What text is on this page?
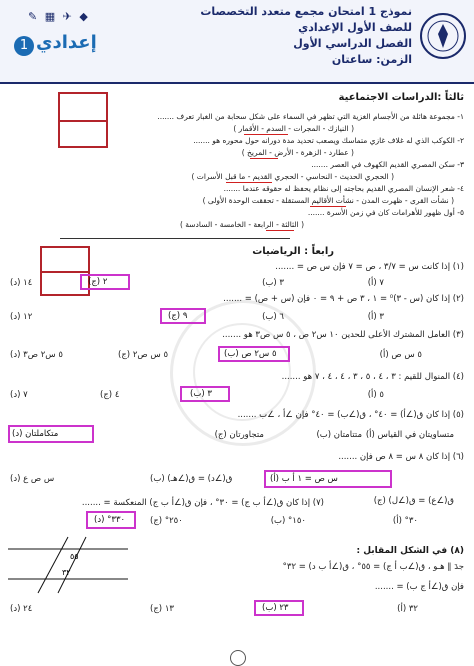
نموذج 1 امتحان مجمع متعدد التخصصات
للصف الأول الإعدادي
الفصل الدراسي الأول
الزمن: ساعتان
✎ ▦ ✈ ◆
1 إعدادي
ثالثاً :الدراسات الاجتماعية
١- مجموعة هائلة من الأجسام الغزية التي تظهر في السماء على شكل سحابة من الغبار تعرف .......
( النيازك - المجرات - السدم - الأقمار )
٢- الكوكب الذي له غلاف غازي متماسك ويصعب تحديد مدة دورانه حول محوره هو .......
( عطارد - الزهرة - الأرض - المريخ )
٣- سكن المصري القديم الكهوف في العصر .......
( الحجري الحديث - النحاسي - الحجري القديم - ما قبل الأسرات )
٤- شعر الإنسان المصري القديم بحاجته إلى نظام يحفظ له حقوقه عندما .......
( نشأت القرى - ظهرت المدن - نشأت الأقاليم المستقلة - تحققت الوحدة الأولى )
٥- أول ظهور للأهرامات كان في زمن الأسرة .......
( الثالثة - الرابعة - الخامسة - السادسة )
رابعاً : الرياضيات
(١) إذا كانت س = ٣/٧ ، ص = ٧ فإن س ص = .......
٧ (أ)
٣ (ب)
٢ (ج)
١٤ (د)
(٢) إذا كان (س - ٣)⁰ = ١ ، ٣ ص + ٩ = ٠ فإن (س + ص) = .......
٣ (أ)
٦ (ب)
٩ (ج)
١٢ (د)
(٣) العامل المشترك الأعلى للحدين ١٠ س٢ ص ، ٥ س ص٣ هو .......
٥ س ص (أ)
٥ س٢ ص (ب)
٥ س ص٢ (ج)
٥ س٢ ص٣ (د)
(٤) المنوال للقيم : ٣ ، ٤ ، ٥ ، ٣ ، ٤ ، ٤ ، ٧ هو .......
٥ (أ)
٣ (ب)
٤ (ج)
٧ (د)
(٥) إذا كان ق(∠أ) = ٤٠° ، ق(∠ب) = ٤٠° فإن ∠أ ، ∠ب .......
متساويتان في القياس (أ)
متتامتان (ب)
متجاورتان (ج)
متكاملتان (د)
(٦) إذا كان ٨ س = ٨ ص فإن .......
س ص = ١ أ ب (أ)
ق(∠د) = ق(∠هـ) (ب)
ق(∠ع) = ق(∠ل) (ج)
س ص ع (د)
(٧) إذا كان ق(∠أ ب ج) = ٣٠° ، فإن ق(∠أ ب ج) المنعكسة = .......
٣٠° (أ)
١٥٠° (ب)
٢٥٠° (ج)
٣٣٠° (د)
(٨) في الشكل المقابل :
جدَ ∥ هـو ، ق(∠ب أ ج) = ٥٥° ، ق(∠أ ب د) = ٣٢°
فإن ق(∠أ ج ب) = .......
٣٢ (أ)
٢٣ (ب)
١٣ (ج)
٢٤ (د)
٥٥
٣٢
